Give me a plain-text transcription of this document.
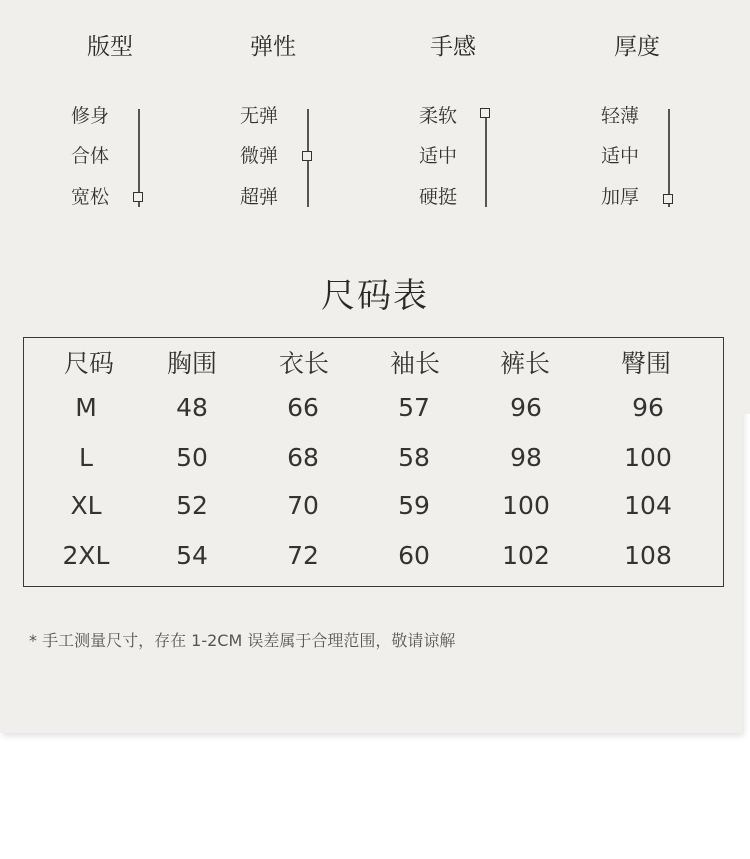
版型
修身
合体
宽松
弹性
无弹
微弹
超弹
手感
柔软
适中
硬挺
厚度
轻薄
适中
加厚
尺码表
尺码	胸围	衣长	袖长	裤长	臀围
M	48	66	57	96	96
L	50	68	58	98	100
XL	52	70	59	100	104
2XL	54	72	60	102	108
* 手工测量尺寸，存在 1-2CM 误差属于合理范围，敬请谅解
